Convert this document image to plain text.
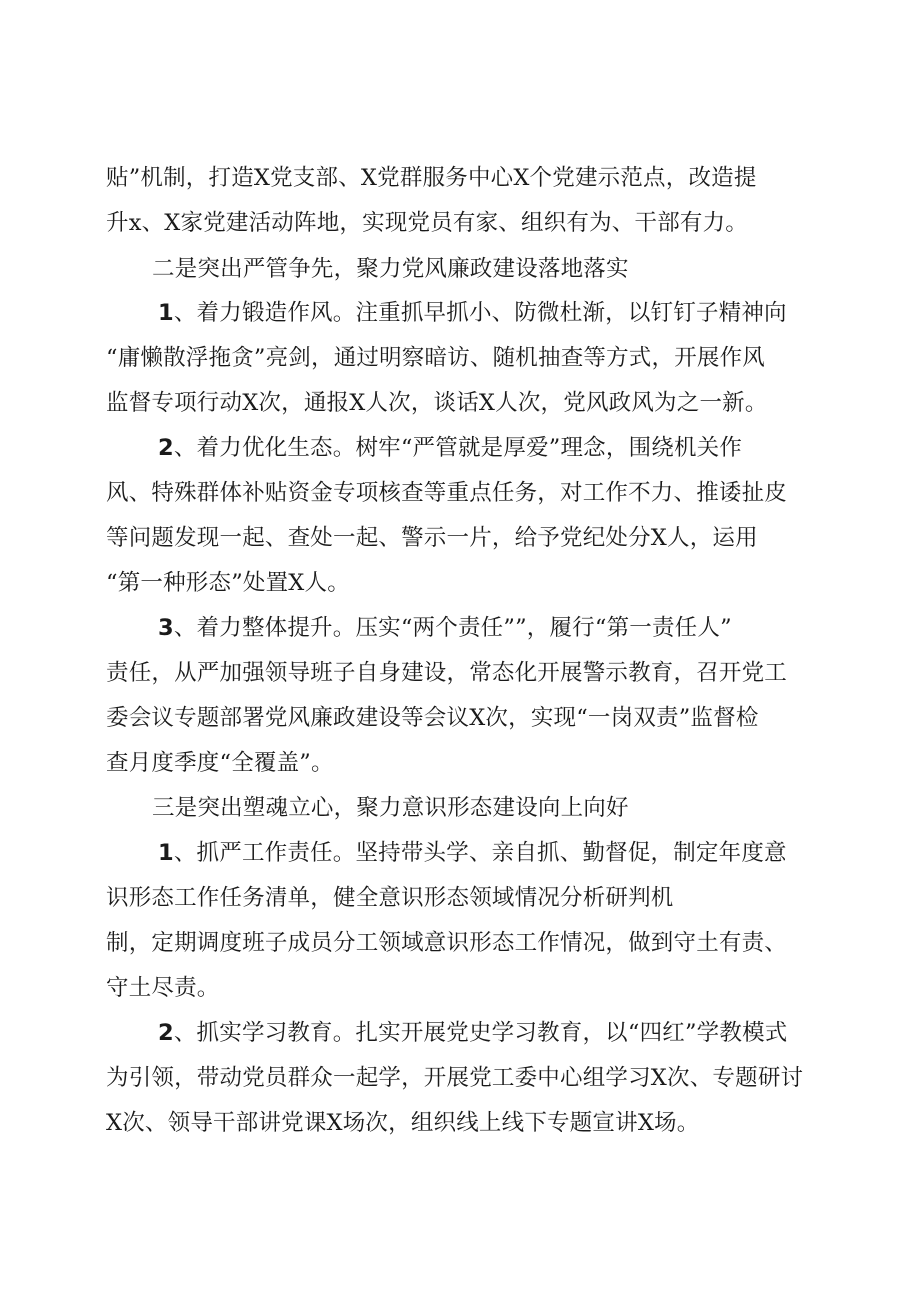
贴”机制，打造X党支部、X党群服务中心X个党建示范点，改造提
升x、X家党建活动阵地，实现党员有家、组织有为、干部有力。
二是突出严管争先，聚力党风廉政建设落地落实
1、着力锻造作风。注重抓早抓小、防微杜渐，以钉钉子精神向
“庸懒散浮拖贪”亮剑，通过明察暗访、随机抽查等方式，开展作风
监督专项行动X次，通报X人次，谈话X人次，党风政风为之一新。
2、着力优化生态。树牢“严管就是厚爱”理念，围绕机关作
风、特殊群体补贴资金专项核查等重点任务，对工作不力、推诿扯皮
等问题发现一起、查处一起、警示一片，给予党纪处分X人，运用
“第一种形态”处置X人。
3、着力整体提升。压实“两个责任””，履行“第一责任人”
责任，从严加强领导班子自身建设，常态化开展警示教育，召开党工
委会议专题部署党风廉政建设等会议X次，实现“一岗双责”监督检
查月度季度“全覆盖”。
三是突出塑魂立心，聚力意识形态建设向上向好
1、抓严工作责任。坚持带头学、亲自抓、勤督促，制定年度意
识形态工作任务清单，健全意识形态领域情况分析研判机
制，定期调度班子成员分工领域意识形态工作情况，做到守土有责、
守土尽责。
2、抓实学习教育。扎实开展党史学习教育，以“四红”学教模式
为引领，带动党员群众一起学，开展党工委中心组学习X次、专题研讨
X次、领导干部讲党课X场次，组织线上线下专题宣讲X场。
